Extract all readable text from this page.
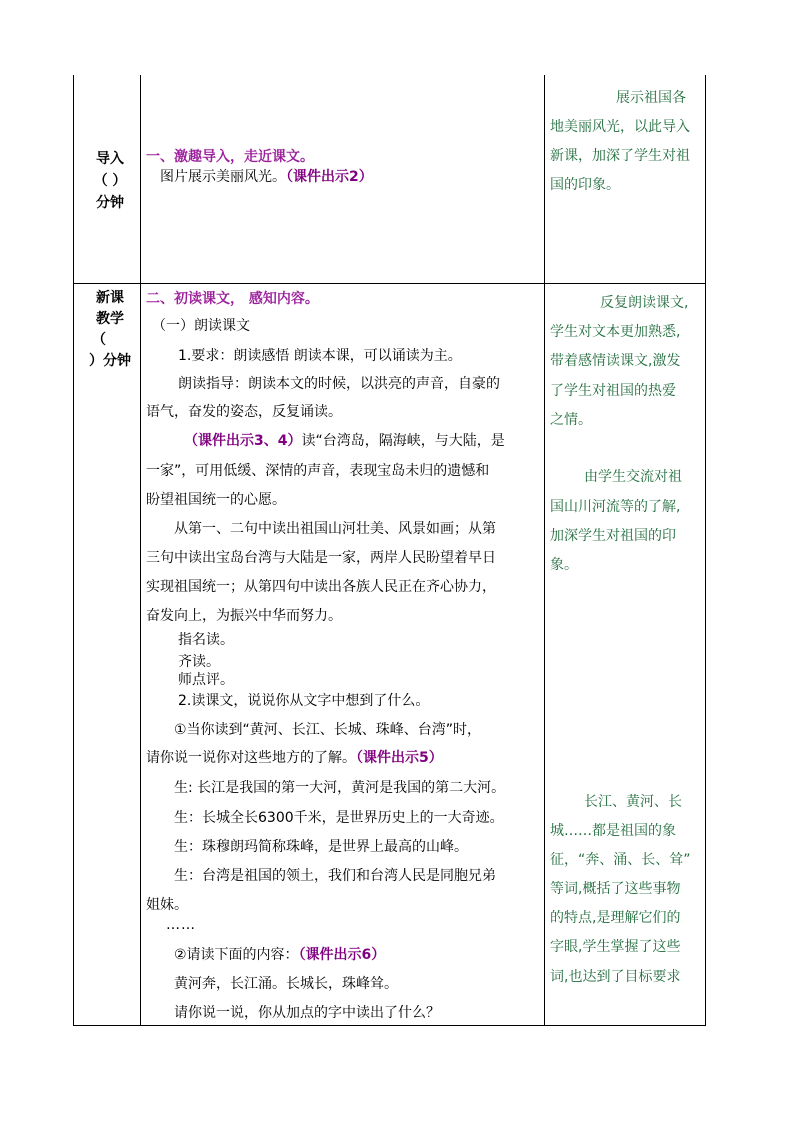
导入
（ ）
分钟
一、激趣导入，走近课文。
图片展示美丽风光。（课件出示2）
展示祖国各
地美丽风光，以此导入
新课，加深了学生对祖
国的印象。
新课
教学
（
）分钟
二、初读课文， 感知内容。
（一）朗读课文
1.要求：朗读感悟 朗读本课，可以诵读为主。
朗读指导：朗读本文的时候，以洪亮的声音，自豪的
语气，奋发的姿态，反复诵读。
（课件出示3、4）读“台湾岛，隔海峡，与大陆，是
一家”，可用低缓、深情的声音，表现宝岛未归的遗憾和
盼望祖国统一的心愿。
从第一、二句中读出祖国山河壮美、风景如画；从第
三句中读出宝岛台湾与大陆是一家，两岸人民盼望着早日
实现祖国统一；从第四句中读出各族人民正在齐心协力，
奋发向上，为振兴中华而努力。
指名读。
齐读。
师点评。
2.读课文，说说你从文字中想到了什么。
①当你读到“黄河、长江、长城、珠峰、台湾”时，
请你说一说你对这些地方的了解。（课件出示5）
生: 长江是我国的第一大河，黄河是我国的第二大河。
生：长城全长6300千米，是世界历史上的一大奇迹。
生：珠穆朗玛简称珠峰，是世界上最高的山峰。
生：台湾是祖国的领土，我们和台湾人民是同胞兄弟
姐妹。
……
②请读下面的内容：（课件出示6）
黄河奔，长江涌。长城长，珠峰耸。
请你说一说，你从加点的字中读出了什么？
反复朗读课文,
学生对文本更加熟悉,
带着感情读课文,激发
了学生对祖国的热爱
之情。
由学生交流对祖
国山川河流等的了解,
加深学生对祖国的印
象。
长江、黄河、长
城……都是祖国的象
征，“奔、涌、长、耸”
等词,概括了这些事物
的特点,是理解它们的
字眼,学生掌握了这些
词,也达到了目标要求
